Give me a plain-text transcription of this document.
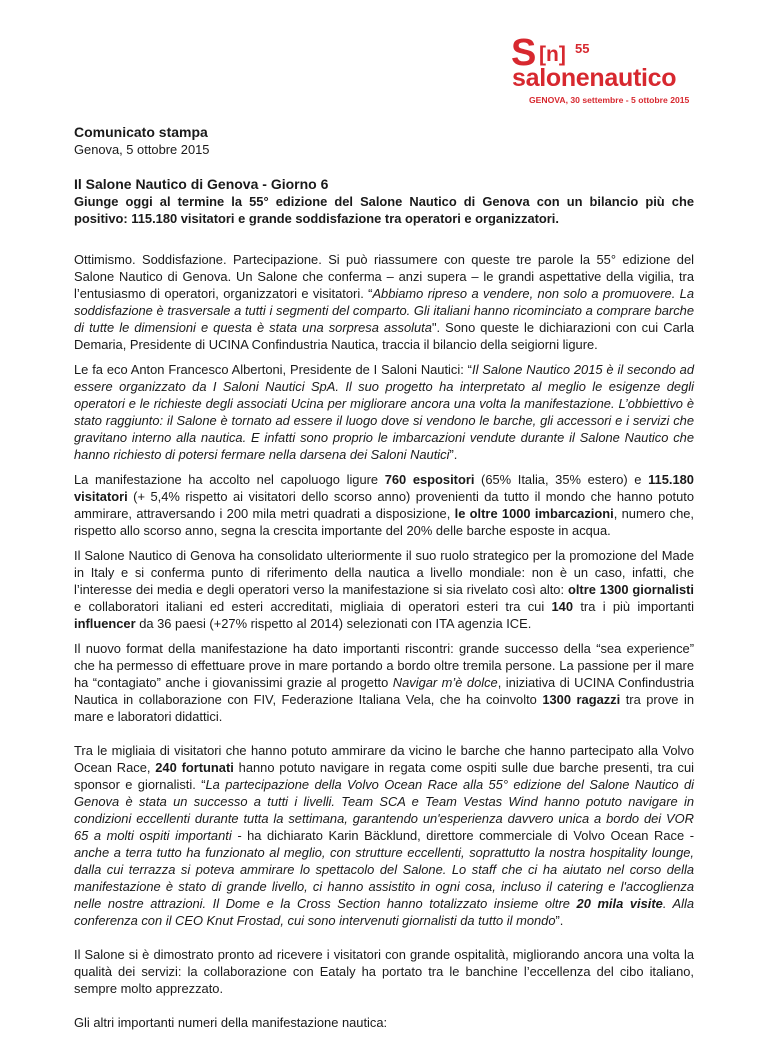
S [n] 55
salonenautico
GENOVA, 30 settembre - 5 ottobre 2015
Comunicato stampa
Genova, 5 ottobre 2015
Il Salone Nautico di Genova - Giorno 6
Giunge oggi al termine la 55° edizione del Salone Nautico di Genova con un bilancio più che positivo: 115.180 visitatori e grande soddisfazione tra operatori e organizzatori.

Ottimismo. Soddisfazione. Partecipazione. Si può riassumere con queste tre parole la 55° edizione del Salone Nautico di Genova. Un Salone che conferma – anzi supera – le grandi aspettative della vigilia, tra l’entusiasmo di operatori, organizzatori e visitatori. “Abbiamo ripreso a vendere, non solo a promuovere. La soddisfazione è trasversale a tutti i segmenti del comparto. Gli italiani hanno ricominciato a comprare barche di tutte le dimensioni e questa è stata una sorpresa assoluta". Sono queste le dichiarazioni con cui Carla Demaria, Presidente di UCINA Confindustria Nautica, traccia il bilancio della seigiorni ligure.

Le fa eco Anton Francesco Albertoni, Presidente de I Saloni Nautici: “Il Salone Nautico 2015 è il secondo ad essere organizzato da I Saloni Nautici SpA. Il suo progetto ha interpretato al meglio le esigenze degli operatori e le richieste degli associati Ucina per migliorare ancora una volta la manifestazione. L’obbiettivo è stato raggiunto: il Salone è tornato ad essere il luogo dove si vendono le barche, gli accessori e i servizi che gravitano interno alla nautica. E infatti sono proprio le imbarcazioni vendute durante il Salone Nautico che hanno richiesto di potersi fermare nella darsena dei Saloni Nautici”.

La manifestazione ha accolto nel capoluogo ligure 760 espositori (65% Italia, 35% estero) e 115.180 visitatori (+ 5,4% rispetto ai visitatori dello scorso anno) provenienti da tutto il mondo che hanno potuto ammirare, attraversando i 200 mila metri quadrati a disposizione, le oltre 1000 imbarcazioni, numero che, rispetto allo scorso anno, segna la crescita importante del 20% delle barche esposte in acqua.

Il Salone Nautico di Genova ha consolidato ulteriormente il suo ruolo strategico per la promozione del Made in Italy e si conferma punto di riferimento della nautica a livello mondiale: non è un caso, infatti, che l’interesse dei media e degli operatori verso la manifestazione si sia rivelato così alto: oltre 1300 giornalisti e collaboratori italiani ed esteri accreditati, migliaia di operatori esteri tra cui 140 tra i più importanti influencer da 36 paesi (+27% rispetto al 2014) selezionati con ITA agenzia ICE.

Il nuovo format della manifestazione ha dato importanti riscontri: grande successo della “sea experience” che ha permesso di effettuare prove in mare portando a bordo oltre tremila persone. La passione per il mare ha “contagiato” anche i giovanissimi grazie al progetto Navigar m’è dolce, iniziativa di UCINA Confindustria Nautica in collaborazione con FIV, Federazione Italiana Vela, che ha coinvolto 1300 ragazzi tra prove in mare e laboratori didattici.

Tra le migliaia di visitatori che hanno potuto ammirare da vicino le barche che hanno partecipato alla Volvo Ocean Race, 240 fortunati hanno potuto navigare in regata come ospiti sulle due barche presenti, tra cui sponsor e giornalisti. “La partecipazione della Volvo Ocean Race alla 55° edizione del Salone Nautico di Genova è stata un successo a tutti i livelli. Team SCA e Team Vestas Wind hanno potuto navigare in condizioni eccellenti durante tutta la settimana, garantendo un'esperienza davvero unica a bordo dei VOR 65 a molti ospiti importanti - ha dichiarato Karin Bäcklund, direttore commerciale di Volvo Ocean Race - anche a terra tutto ha funzionato al meglio, con strutture eccellenti, soprattutto la nostra hospitality lounge, dalla cui terrazza si poteva ammirare lo spettacolo del Salone. Lo staff che ci ha aiutato nel corso della manifestazione è stato di grande livello, ci hanno assistito in ogni cosa, incluso il catering e l'accoglienza nelle nostre attrazioni. Il Dome e la Cross Section hanno totalizzato insieme oltre 20 mila visite. Alla conferenza con il CEO Knut Frostad, cui sono intervenuti giornalisti da tutto il mondo”.

Il Salone si è dimostrato pronto ad ricevere i visitatori con grande ospitalità, migliorando ancora una volta la qualità dei servizi: la collaborazione con Eataly ha portato tra le banchine l’eccellenza del cibo italiano, sempre molto apprezzato.

Gli altri importanti numeri della manifestazione nautica:
